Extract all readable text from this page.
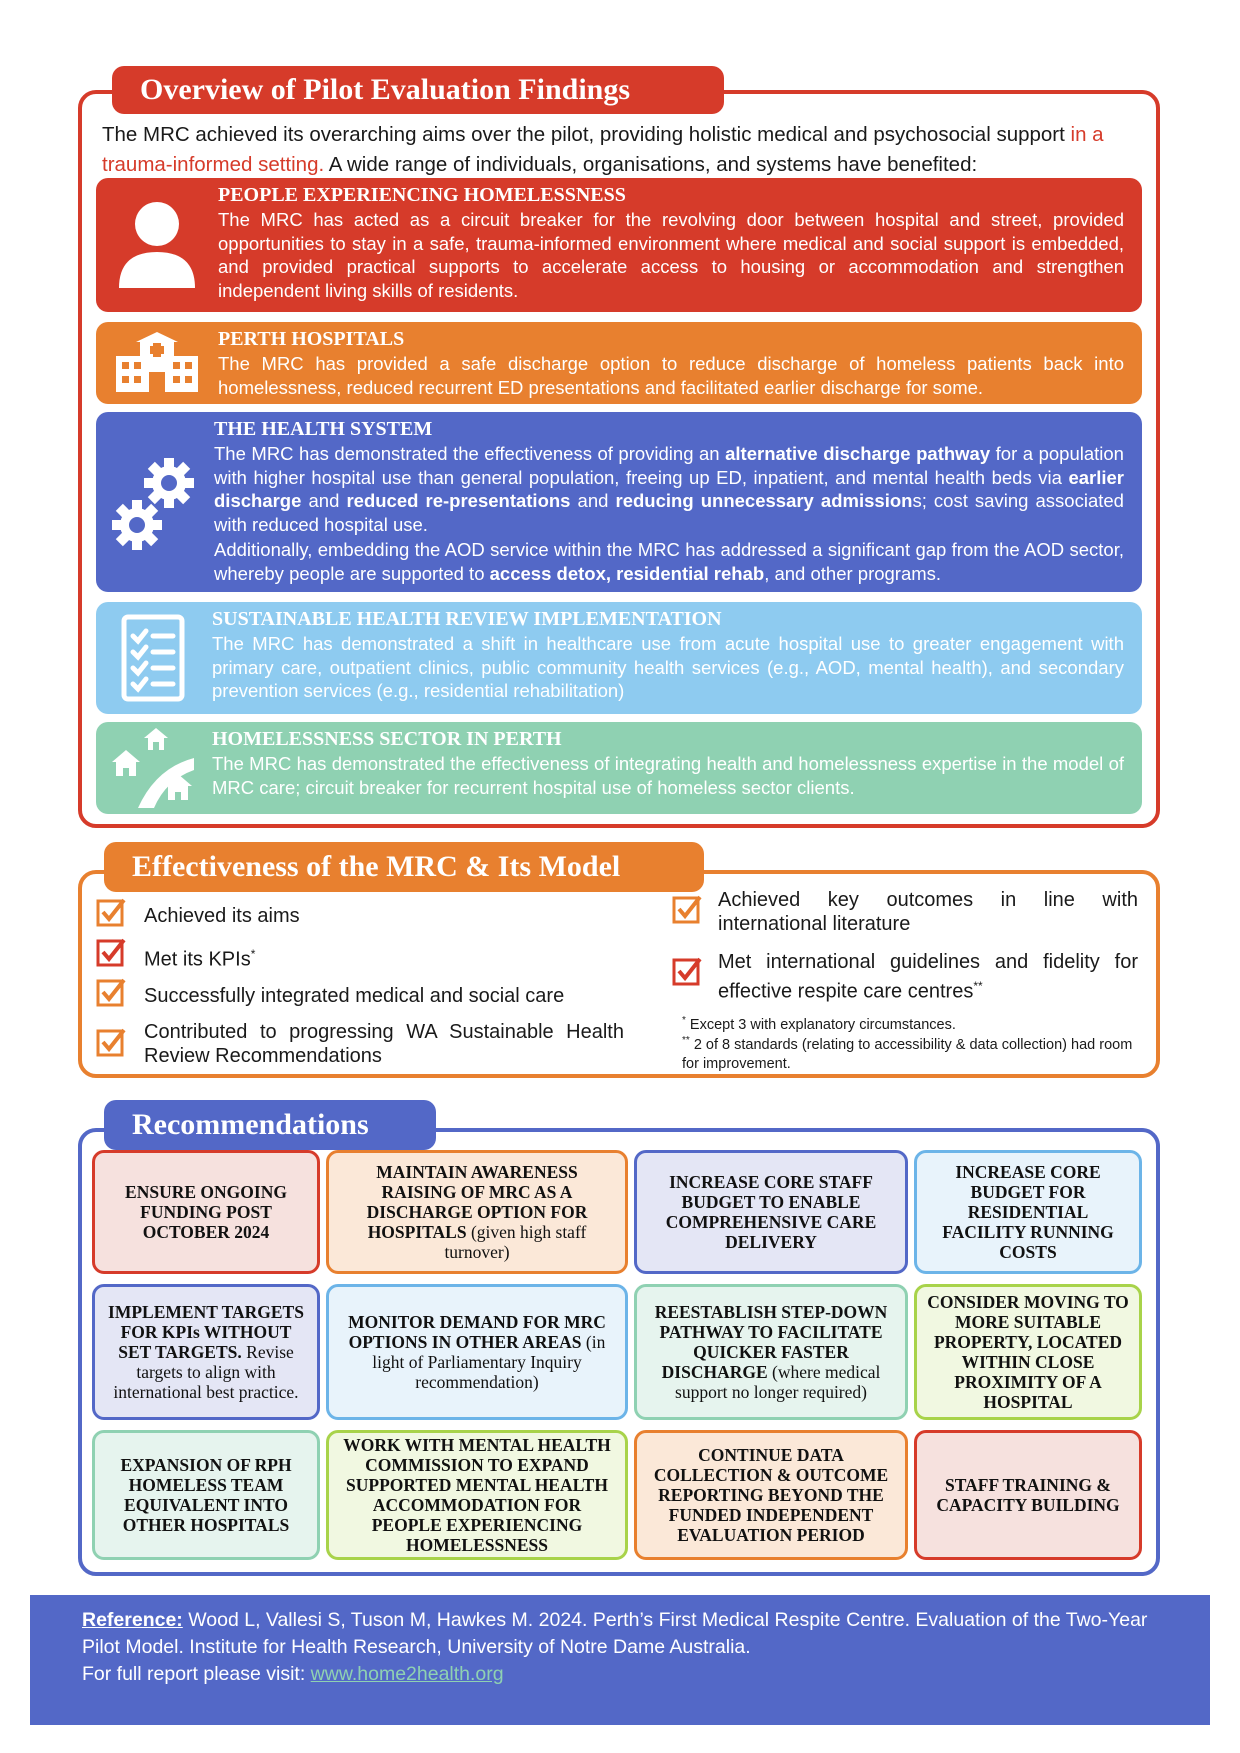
Overview of Pilot Evaluation Findings
The MRC achieved its overarching aims over the pilot, providing holistic medical and psychosocial support in a trauma-informed setting. A wide range of individuals, organisations, and systems have benefited:
PEOPLE EXPERIENCING HOMELESSNESS
The MRC has acted as a circuit breaker for the revolving door between hospital and street, provided opportunities to stay in a safe, trauma-informed environment where medical and social support is embedded, and provided practical supports to accelerate access to housing or accommodation and strengthen independent living skills of residents.
PERTH HOSPITALS
The MRC has provided a safe discharge option to reduce discharge of homeless patients back into homelessness, reduced recurrent ED presentations and facilitated earlier discharge for some.
THE HEALTH SYSTEM
The MRC has demonstrated the effectiveness of providing an alternative discharge pathway for a population with higher hospital use than general population, freeing up ED, inpatient, and mental health beds via earlier discharge and reduced re-presentations and reducing unnecessary admissions; cost saving associated with reduced hospital use.
Additionally, embedding the AOD service within the MRC has addressed a significant gap from the AOD sector, whereby people are supported to access detox, residential rehab, and other programs.
SUSTAINABLE HEALTH REVIEW IMPLEMENTATION
The MRC has demonstrated a shift in healthcare use from acute hospital use to greater engagement with primary care, outpatient clinics, public community health services (e.g., AOD, mental health), and secondary prevention services (e.g., residential rehabilitation)
HOMELESSNESS SECTOR IN PERTH
The MRC has demonstrated the effectiveness of integrating health and homelessness expertise in the model of MRC care; circuit breaker for recurrent hospital use of homeless sector clients.
Effectiveness of the MRC & Its Model
Achieved its aims
Met its KPIs*
Successfully integrated medical and social care
Contributed to progressing WA Sustainable Health Review Recommendations
Achieved key outcomes in line with international literature
Met international guidelines and fidelity for effective respite care centres**
* Except 3 with explanatory circumstances.
** 2 of 8 standards (relating to accessibility & data collection) had room for improvement.
Recommendations
ENSURE ONGOING FUNDING POST OCTOBER 2024
MAINTAIN AWARENESS RAISING OF MRC AS A DISCHARGE OPTION FOR HOSPITALS (given high staff turnover)
INCREASE CORE STAFF BUDGET TO ENABLE COMPREHENSIVE CARE DELIVERY
INCREASE CORE BUDGET FOR RESIDENTIAL FACILITY RUNNING COSTS
IMPLEMENT TARGETS FOR KPIs WITHOUT SET TARGETS. Revise targets to align with international best practice.
MONITOR DEMAND FOR MRC OPTIONS IN OTHER AREAS (in light of Parliamentary Inquiry recommendation)
REESTABLISH STEP-DOWN PATHWAY TO FACILITATE QUICKER FASTER DISCHARGE (where medical support no longer required)
CONSIDER MOVING TO MORE SUITABLE PROPERTY, LOCATED WITHIN CLOSE PROXIMITY OF A HOSPITAL
EXPANSION OF RPH HOMELESS TEAM EQUIVALENT INTO OTHER HOSPITALS
WORK WITH MENTAL HEALTH COMMISSION TO EXPAND SUPPORTED MENTAL HEALTH ACCOMMODATION FOR PEOPLE EXPERIENCING HOMELESSNESS
CONTINUE DATA COLLECTION & OUTCOME REPORTING BEYOND THE FUNDED INDEPENDENT EVALUATION PERIOD
STAFF TRAINING & CAPACITY BUILDING
Reference: Wood L, Vallesi S, Tuson M, Hawkes M. 2024. Perth’s First Medical Respite Centre. Evaluation of the Two-Year Pilot Model. Institute for Health Research, University of Notre Dame Australia.
For full report please visit: www.home2health.org
